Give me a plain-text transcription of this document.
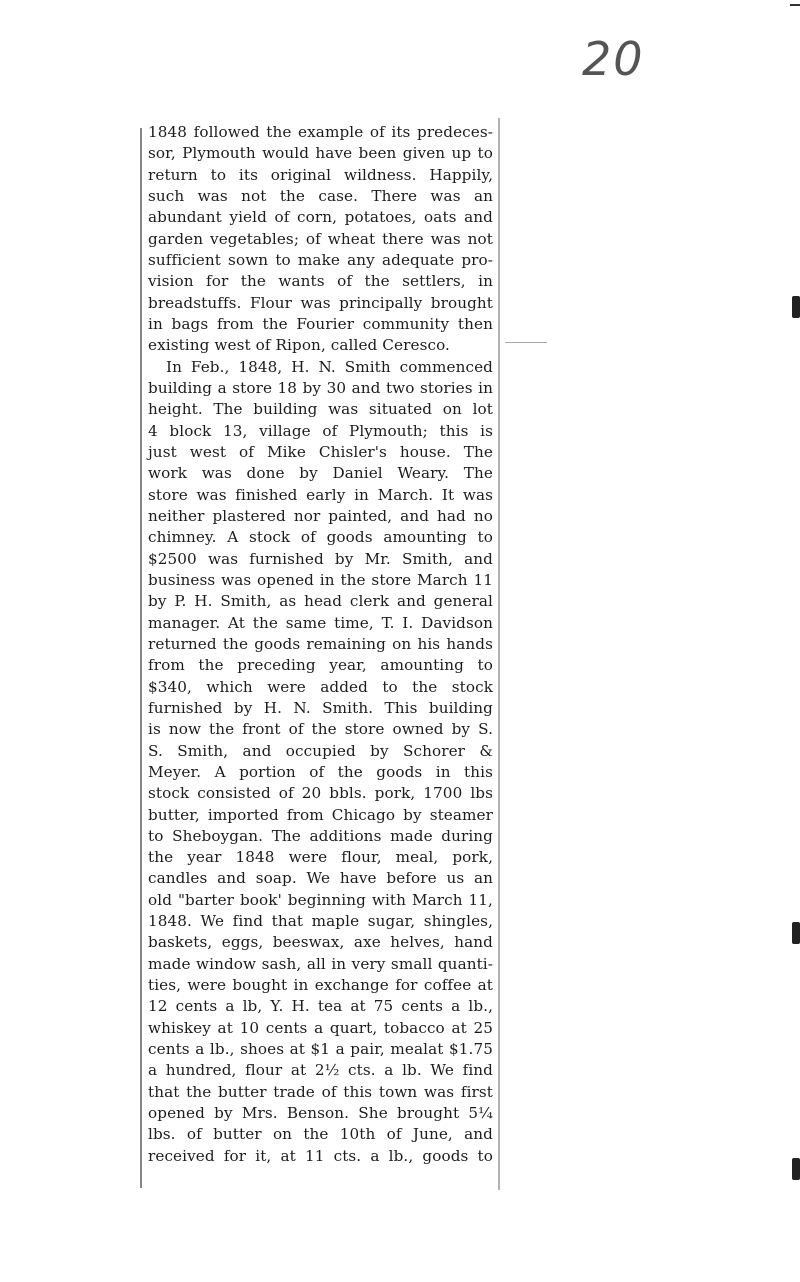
20
1848 followed the example of its predeces-
sor, Plymouth would have been given up to
return to its original wildness. Happily,
such was not the case. There was an
abundant yield of corn, potatoes, oats and
garden vegetables; of wheat there was not
sufficient sown to make any adequate pro-
vision for the wants of the settlers, in
breadstuffs. Flour was principally brought
in bags from the Fourier community then
existing west of Ripon, called Ceresco.
In Feb., 1848, H. N. Smith commenced
building a store 18 by 30 and two stories in
height. The building was situated on lot
4 block 13, village of Plymouth; this is
just west of Mike Chisler's house. The
work was done by Daniel Weary. The
store was finished early in March. It was
neither plastered nor painted, and had no
chimney. A stock of goods amounting to
$2500 was furnished by Mr. Smith, and
business was opened in the store March 11
by P. H. Smith, as head clerk and general
manager. At the same time, T. I. Davidson
returned the goods remaining on his hands
from the preceding year, amounting to
$340, which were added to the stock
furnished by H. N. Smith. This building
is now the front of the store owned by S.
S. Smith, and occupied by Schorer &
Meyer. A portion of the goods in this
stock consisted of 20 bbls. pork, 1700 lbs
butter, imported from Chicago by steamer
to Sheboygan. The additions made during
the year 1848 were flour, meal, pork,
candles and soap. We have before us an
old "barter book' beginning with March 11,
1848. We find that maple sugar, shingles,
baskets, eggs, beeswax, axe helves, hand
made window sash, all in very small quanti-
ties, were bought in exchange for coffee at
12 cents a lb, Y. H. tea at 75 cents a lb.,
whiskey at 10 cents a quart, tobacco at 25
cents a lb., shoes at $1 a pair, mealat $1.75
a hundred, flour at 2½ cts. a lb. We find
that the butter trade of this town was first
opened by Mrs. Benson. She brought 5¼
lbs. of butter on the 10th of June, and
received for it, at 11 cts. a lb., goods to
